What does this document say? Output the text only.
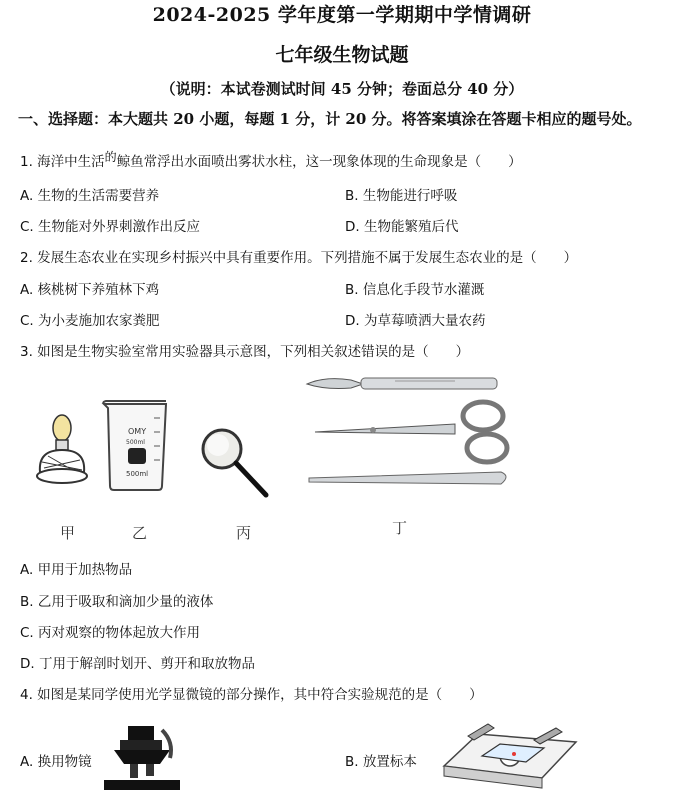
2024-2025 学年度第一学期期中学情调研
七年级生物试题
（说明：本试卷测试时间 45 分钟；卷面总分 40 分）
一、选择题：本大题共 20 小题，每题 1 分，计 20 分。将答案填涂在答题卡相应的题号处。
1. 海洋中生活的鲸鱼常浮出水面喷出雾状水柱，这一现象体现的生命现象是（　　）
A. 生物的生活需要营养	B. 生物能进行呼吸
C. 生物能对外界刺激作出反应	D. 生物能繁殖后代
2. 发展生态农业在实现乡村振兴中具有重要作用。下列措施不属于发展生态农业的是（　　）
A. 核桃树下养殖林下鸡	B. 信息化手段节水灌溉
C. 为小麦施加农家粪肥	D. 为草莓喷洒大量农药
3. 如图是生物实验室常用实验器具示意图，下列相关叙述错误的是（　　）
OMY
500ml
500ml
甲	乙	丙	丁
A. 甲用于加热物品
B. 乙用于吸取和滴加少量的液体
C. 丙对观察的物体起放大作用
D. 丁用于解剖时划开、剪开和取放物品
4. 如图是某同学使用光学显微镜的部分操作，其中符合实验规范的是（　　）
A. 换用物镜	B. 放置标本
